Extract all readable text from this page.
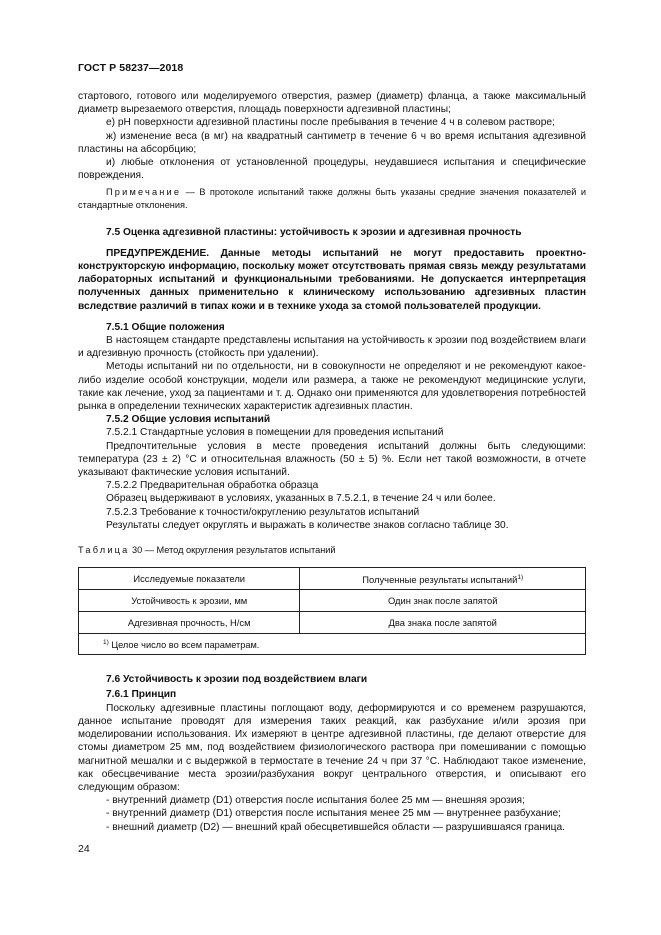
ГОСТ Р 58237—2018

стартового, готового или моделируемого отверстия, размер (диаметр) фланца, а также максимальный диаметр вырезаемого отверстия, площадь поверхности адгезивной пластины;

е) pH поверхности адгезивной пластины после пребывания в течение 4 ч в солевом растворе;

ж) изменение веса (в мг) на квадратный сантиметр в течение 6 ч во время испытания адгезивной пластины на абсорбцию;

и) любые отклонения от установленной процедуры, неудавшиеся испытания и специфические повреждения.

Примечание — В протоколе испытаний также должны быть указаны средние значения показателей и стандартные отклонения.

7.5 Оценка адгезивной пластины: устойчивость к эрозии и адгезивная прочность

ПРЕДУПРЕЖДЕНИЕ. Данные методы испытаний не могут предоставить проектно-конструкторскую информацию, поскольку может отсутствовать прямая связь между результатами лабораторных испытаний и функциональными требованиями. Не допускается интерпретация полученных данных применительно к клиническому использованию адгезивных пластин вследствие различий в типах кожи и в технике ухода за стомой пользователей продукции.

7.5.1 Общие положения

В настоящем стандарте представлены испытания на устойчивость к эрозии под воздействием влаги и адгезивную прочность (стойкость при удалении).

Методы испытаний ни по отдельности, ни в совокупности не определяют и не рекомендуют какое-либо изделие особой конструкции, модели или размера, а также не рекомендуют медицинские услуги, такие как лечение, уход за пациентами и т. д. Однако они применяются для удовлетворения потребностей рынка в определении технических характеристик адгезивных пластин.

7.5.2 Общие условия испытаний

7.5.2.1 Стандартные условия в помещении для проведения испытаний

Предпочтительные условия в месте проведения испытаний должны быть следующими: температура (23 ± 2) °С и относительная влажность (50 ± 5) %. Если нет такой возможности, в отчете указывают фактические условия испытаний.

7.5.2.2 Предварительная обработка образца

Образец выдерживают в условиях, указанных в 7.5.2.1, в течение 24 ч или более.

7.5.2.3 Требование к точности/округлению результатов испытаний

Результаты следует округлять и выражать в количестве знаков согласно таблице 30.

Таблица 30 — Метод округления результатов испытаний

Исследуемые показатели	Полученные результаты испытаний$^{1)}$
Устойчивость к эрозии, мм	Один знак после запятой
Адгезивная прочность, Н/см	Два знака после запятой
$^{1)}$ Целое число во всем параметрам.	

7.6 Устойчивость к эрозии под воздействием влаги

7.6.1 Принцип

Поскольку адгезивные пластины поглощают воду, деформируются и со временем разрушаются, данное испытание проводят для измерения таких реакций, как разбухание и/или эрозия при моделировании использования. Их измеряют в центре адгезивной пластины, где делают отверстие для стомы диаметром 25 мм, под воздействием физиологического раствора при помешивании с помощью магнитной мешалки и с выдержкой в термостате в течение 24 ч при 37 °С. Наблюдают такое изменение, как обесцвечивание места эрозии/разбухания вокруг центрального отверстия, и описывают его следующим образом:

- внутренний диаметр (D1) отверстия после испытания более 25 мм — внешняя эрозия;

- внутренний диаметр (D1) отверстия после испытания менее 25 мм — внутреннее разбухание;

- внешний диаметр (D2) — внешний край обесцветившейся области — разрушившаяся граница.

24
